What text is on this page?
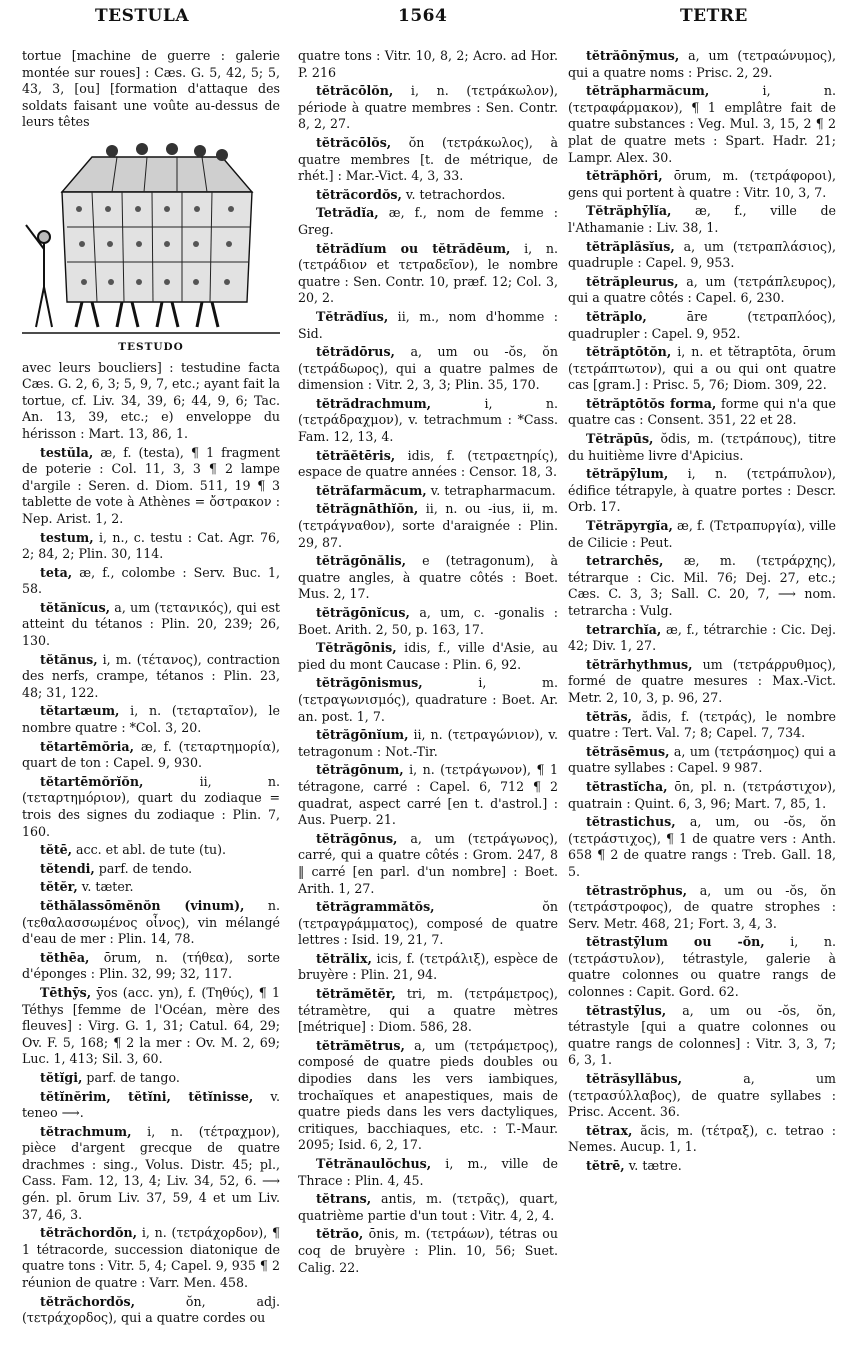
TESTULA	1564	TETRE

tortue [machine de guerre : galerie montée sur roues] : Cæs. G. 5, 42, 5; 5, 43, 3, [ou] [formation d'attaque des soldats faisant une voûte au-dessus de leurs têtes

TESTUDO

avec leurs boucliers] : testudine facta Cæs. G. 2, 6, 3; 5, 9, 7, etc.; ayant fait la tortue, cf. Liv. 34, 39, 6; 44, 9, 6; Tac. An. 13, 39, etc.; e) enveloppe du hérisson : Mart. 13, 86, 1.

testŭla, æ, f. (testa), ¶ 1 fragment de poterie : Col. 11, 3, 3 ¶ 2 lampe d'argile : Seren. d. Diom. 511, 19 ¶ 3 tablette de vote à Athènes = ὄστρακον : Nep. Arist. 1, 2.

testum, i, n., c. testu : Cat. Agr. 76, 2; 84, 2; Plin. 30, 114.

teta, æ, f., colombe : Serv. Buc. 1, 58.

tĕtănĭcus, a, um (τετανικός), qui est atteint du tétanos : Plin. 20, 239; 26, 130.

tĕtănus, i, m. (τέτανος), contraction des nerfs, crampe, tétanos : Plin. 23, 48; 31, 122.

tĕtartæum, i, n. (τεταρταῖον), le nombre quatre : *Col. 3, 20.

tĕtartēmŏria, æ, f. (τεταρτημορία), quart de ton : Capel. 9, 930.

tĕtartēmŏrĭŏn, ii, n. (τεταρτημόριον), quart du zodiaque = trois des signes du zodiaque : Plin. 7, 160.

tĕtē, acc. et abl. de tute (tu).

tĕtendi, parf. de tendo.

tĕtĕr, v. tæter.

tĕthălassōmĕnŏn (vinum), n. (τεθαλασσωμένος οἶνος), vin mélangé d'eau de mer : Plin. 14, 78.

tĕthēa, ōrum, n. (τήθεα), sorte d'éponges : Plin. 32, 99; 32, 117.

Tēthȳs, ȳos (acc. yn), f. (Τηθύς), ¶ 1 Téthys [femme de l'Océan, mère des fleuves] : Virg. G. 1, 31; Catul. 64, 29; Ov. F. 5, 168; ¶ 2 la mer : Ov. M. 2, 69; Luc. 1, 413; Sil. 3, 60.

tĕtĭgi, parf. de tango.

tĕtĭnĕrim, tĕtĭni, tĕtĭnisse, v. teneo ⟶.

tĕtrachmum, i, n. (τέτραχμον), pièce d'argent grecque de quatre drachmes : sing., Volus. Distr. 45; pl., Cass. Fam. 12, 13, 4; Liv. 34, 52, 6. ⟶ gén. pl. ōrum Liv. 37, 59, 4 et um Liv. 37, 46, 3.

tĕtrăchordŏn, i, n. (τετράχορδον), ¶ 1 tétracorde, succession diatonique de quatre tons : Vitr. 5, 4; Capel. 9, 935 ¶ 2 réunion de quatre : Varr. Men. 458.

tĕtrăchordŏs, ŏn, adj. (τετράχορδος), qui a quatre cordes ou

quatre tons : Vitr. 10, 8, 2; Acro. ad Hor. P. 216

tĕtrăcōlŏn, i, n. (τετράκωλον), période à quatre membres : Sen. Contr. 8, 2, 27.

tĕtrăcōlŏs, ŏn (τετράκωλος), à quatre membres [t. de métrique, de rhét.] : Mar.-Vict. 4, 3, 33.

tĕtrăcordŏs, v. tetrachordos.

Tetrădĭa, æ, f., nom de femme : Greg.

tĕtrădĭum ou tĕtrădēum, i, n. (τετράδιον et τετραδεῖον), le nombre quatre : Sen. Contr. 10, præf. 12; Col. 3, 20, 2.

Tĕtrădĭus, ii, m., nom d'homme : Sid.

tĕtrădōrus, a, um ou -ŏs, ŏn (τετράδωρος), qui a quatre palmes de dimension : Vitr. 2, 3, 3; Plin. 35, 170.

tĕtrădrachmum, i, n. (τετράδραχμον), v. tetrachmum : *Cass. Fam. 12, 13, 4.

tĕtrăĕtēris, idis, f. (τετραετηρίς), espace de quatre années : Censor. 18, 3.

tĕtrăfarmăcum, v. tetrapharmacum.

tĕtrăgnāthĭŏn, ii, n. ou -ius, ii, m. (τετράγναθον), sorte d'araignée : Plin. 29, 87.

tĕtrăgōnălis, e (tetragonum), à quatre angles, à quatre côtés : Boet. Mus. 2, 17.

tĕtrăgōnĭcus, a, um, c. -gonalis : Boet. Arith. 2, 50, p. 163, 17.

Tĕtrăgōnis, idis, f., ville d'Asie, au pied du mont Caucase : Plin. 6, 92.

tĕtrăgōnismus, i, m. (τετραγωνισμός), quadrature : Boet. Ar. an. post. 1, 7.

tĕtrăgōnĭum, ii, n. (τετραγώνιον), v. tetragonum : Not.-Tir.

tĕtrăgōnum, i, n. (τετράγωνον), ¶ 1 tétragone, carré : Capel. 6, 712 ¶ 2 quadrat, aspect carré [en t. d'astrol.] : Aus. Puerp. 21.

tĕtrăgōnus, a, um (τετράγωνος), carré, qui a quatre côtés : Grom. 247, 8 ‖ carré [en parl. d'un nombre] : Boet. Arith. 1, 27.

tĕtrăgrammătŏs, ŏn (τετραγράμματος), composé de quatre lettres : Isid. 19, 21, 7.

tĕtrălix, icis, f. (τετράλιξ), espèce de bruyère : Plin. 21, 94.

tĕtrămĕtĕr, tri, m. (τετράμετρος), tétramètre, qui a quatre mètres [métrique] : Diom. 586, 28.

tĕtrămĕtrus, a, um (τετράμετρος), composé de quatre pieds doubles ou dipodies dans les vers iambiques, trochaïques et anapestiques, mais de quatre pieds dans les vers dactyliques, critiques, bacchiaques, etc. : T.-Maur. 2095; Isid. 6, 2, 17.

Tĕtrănaulŏchus, i, m., ville de Thrace : Plin. 4, 45.

tĕtrans, antis, m. (τετρᾶς), quart, quatrième partie d'un tout : Vitr. 4, 2, 4.

tĕtrăo, ōnis, m. (τετράων), tétras ou coq de bruyère : Plin. 10, 56; Suet. Calig. 22.

tĕtrăōnȳmus, a, um (τετραώνυμος), qui a quatre noms : Prisc. 2, 29.

tĕtrăpharmăcum, i, n. (τετραφάρμακον), ¶ 1 emplâtre fait de quatre substances : Veg. Mul. 3, 15, 2 ¶ 2 plat de quatre mets : Spart. Hadr. 21; Lampr. Alex. 30.

tĕtrăphŏri, ōrum, m. (τετράφοροι), gens qui portent à quatre : Vitr. 10, 3, 7.

Tĕtrăphȳlĭa, æ, f., ville de l'Athamanie : Liv. 38, 1.

tĕtrăplăsĭus, a, um (τετραπλάσιος), quadruple : Capel. 9, 953.

tĕtrăpleurus, a, um (τετράπλευρος), qui a quatre côtés : Capel. 6, 230.

tĕtrăplo, āre (τετραπλόος), quadrupler : Capel. 9, 952.

tĕtrăptōtŏn, i, n. et tĕtraptōta, ōrum (τετράπτωτον), qui a ou qui ont quatre cas [gram.] : Prisc. 5, 76; Diom. 309, 22.

tĕtrăptōtŏs forma, forme qui n'a que quatre cas : Consent. 351, 22 et 28.

Tĕtrăpūs, ŏdis, m. (τετράπους), titre du huitième livre d'Apicius.

tĕtrăpȳlum, i, n. (τετράπυλον), édifice tétrapyle, à quatre portes : Descr. Orb. 17.

Tĕtrăpyrgĭa, æ, f. (Τετραπυργία), ville de Cilicie : Peut.

tetrarchēs, æ, m. (τετράρχης), tétrarque : Cic. Mil. 76; Dej. 27, etc.; Cæs. C. 3, 3; Sall. C. 20, 7, ⟶ nom. tetrarcha : Vulg.

tetrarchĭa, æ, f., tétrarchie : Cic. Dej. 42; Div. 1, 27.

tĕtrărhythmus, um (τετράρρυθμος), formé de quatre mesures : Max.-Vict. Metr. 2, 10, 3, p. 96, 27.

tĕtrăs, ădis, f. (τετράς), le nombre quatre : Tert. Val. 7; 8; Capel. 7, 734.

tĕtrăsēmus, a, um (τετράσημος) qui a quatre syllabes : Capel. 9 987.

tĕtrastĭcha, ōn, pl. n. (τετράστιχον), quatrain : Quint. 6, 3, 96; Mart. 7, 85, 1.

tĕtrastichus, a, um, ou -ŏs, ŏn (τετράστιχος), ¶ 1 de quatre vers : Anth. 658 ¶ 2 de quatre rangs : Treb. Gall. 18, 5.

tĕtrastrŏphus, a, um ou -ŏs, ŏn (τετράστροφος), de quatre strophes : Serv. Metr. 468, 21; Fort. 3, 4, 3.

tĕtrastȳlum ou -ŏn, i, n. (τετράστυλον), tétrastyle, galerie à quatre colonnes ou quatre rangs de colonnes : Capit. Gord. 62.

tĕtrastȳlus, a, um ou -ŏs, ŏn, tétrastyle [qui a quatre colonnes ou quatre rangs de colonnes] : Vitr. 3, 3, 7; 6, 3, 1.

tĕtrăsyllăbus, a, um (τετρασύλλαβος), de quatre syllabes : Prisc. Accent. 36.

tĕtrax, ăcis, m. (τέτραξ), c. tetrao : Nemes. Aucup. 1, 1.

tĕtrē, v. tætre.
